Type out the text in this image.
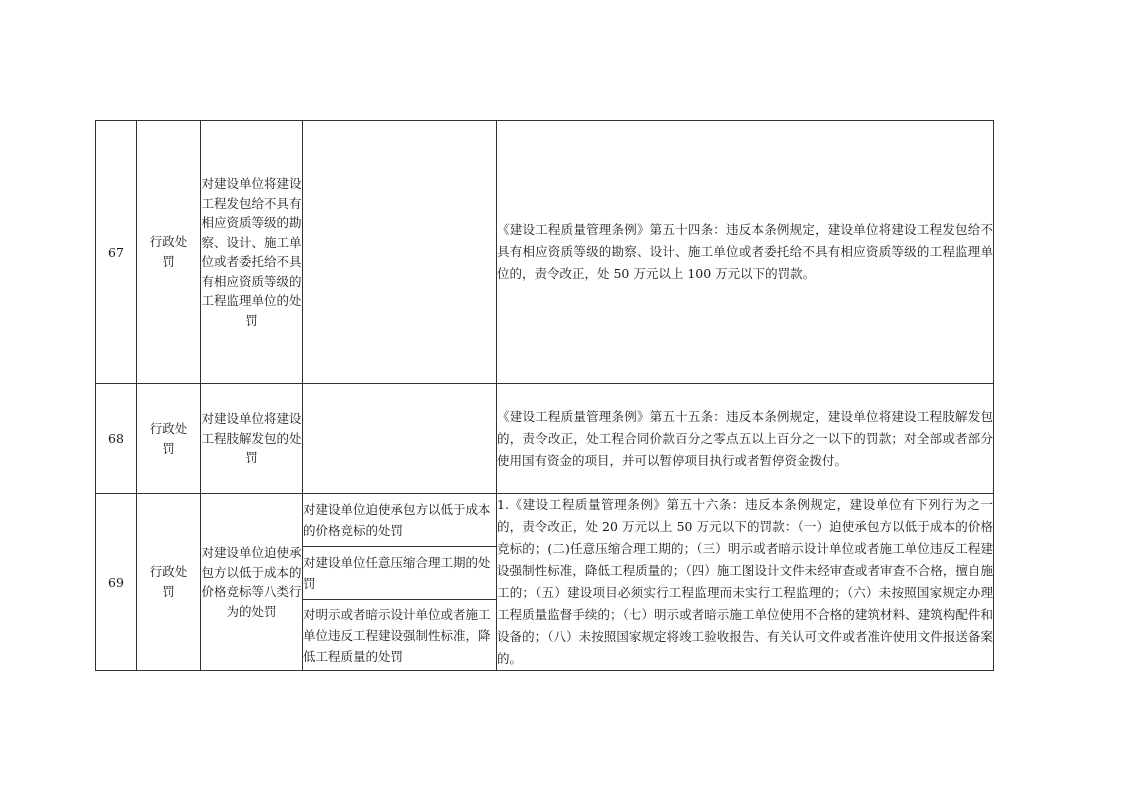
67	行政处罚	对建设单位将建设工程发包给不具有相应资质等级的勘察、设计、施工单位或者委托给不具有相应资质等级的工程监理单位的处罚		《建设工程质量管理条例》第五十四条：违反本条例规定，建设单位将建设工程发包给不具有相应资质等级的勘察、设计、施工单位或者委托给不具有相应资质等级的工程监理单位的，责令改正，处 50 万元以上 100 万元以下的罚款。
68	行政处罚	对建设单位将建设工程肢解发包的处罚		《建设工程质量管理条例》第五十五条：违反本条例规定，建设单位将建设工程肢解发包的，责令改正，处工程合同价款百分之零点五以上百分之一以下的罚款；对全部或者部分使用国有资金的项目，并可以暂停项目执行或者暂停资金拨付。
69	行政处罚	对建设单位迫使承包方以低于成本的价格竞标等八类行为的处罚	对建设单位迫使承包方以低于成本的价格竞标的处罚	1.《建设工程质量管理条例》第五十六条：违反本条例规定，建设单位有下列行为之一的，责令改正，处 20 万元以上 50 万元以下的罚款：（一）迫使承包方以低于成本的价格竞标的；(二)任意压缩合理工期的；（三）明示或者暗示设计单位或者施工单位违反工程建设强制性标准，降低工程质量的；（四）施工图设计文件未经审查或者审查不合格，擅自施工的；（五）建设项目必须实行工程监理而未实行工程监理的；（六）未按照国家规定办理工程质量监督手续的；（七）明示或者暗示施工单位使用不合格的建筑材料、建筑构配件和设备的；（八）未按照国家规定将竣工验收报告、有关认可文件或者准许使用文件报送备案的。
			对建设单位任意压缩合理工期的处罚	
			对明示或者暗示设计单位或者施工单位违反工程建设强制性标准，降低工程质量的处罚	
